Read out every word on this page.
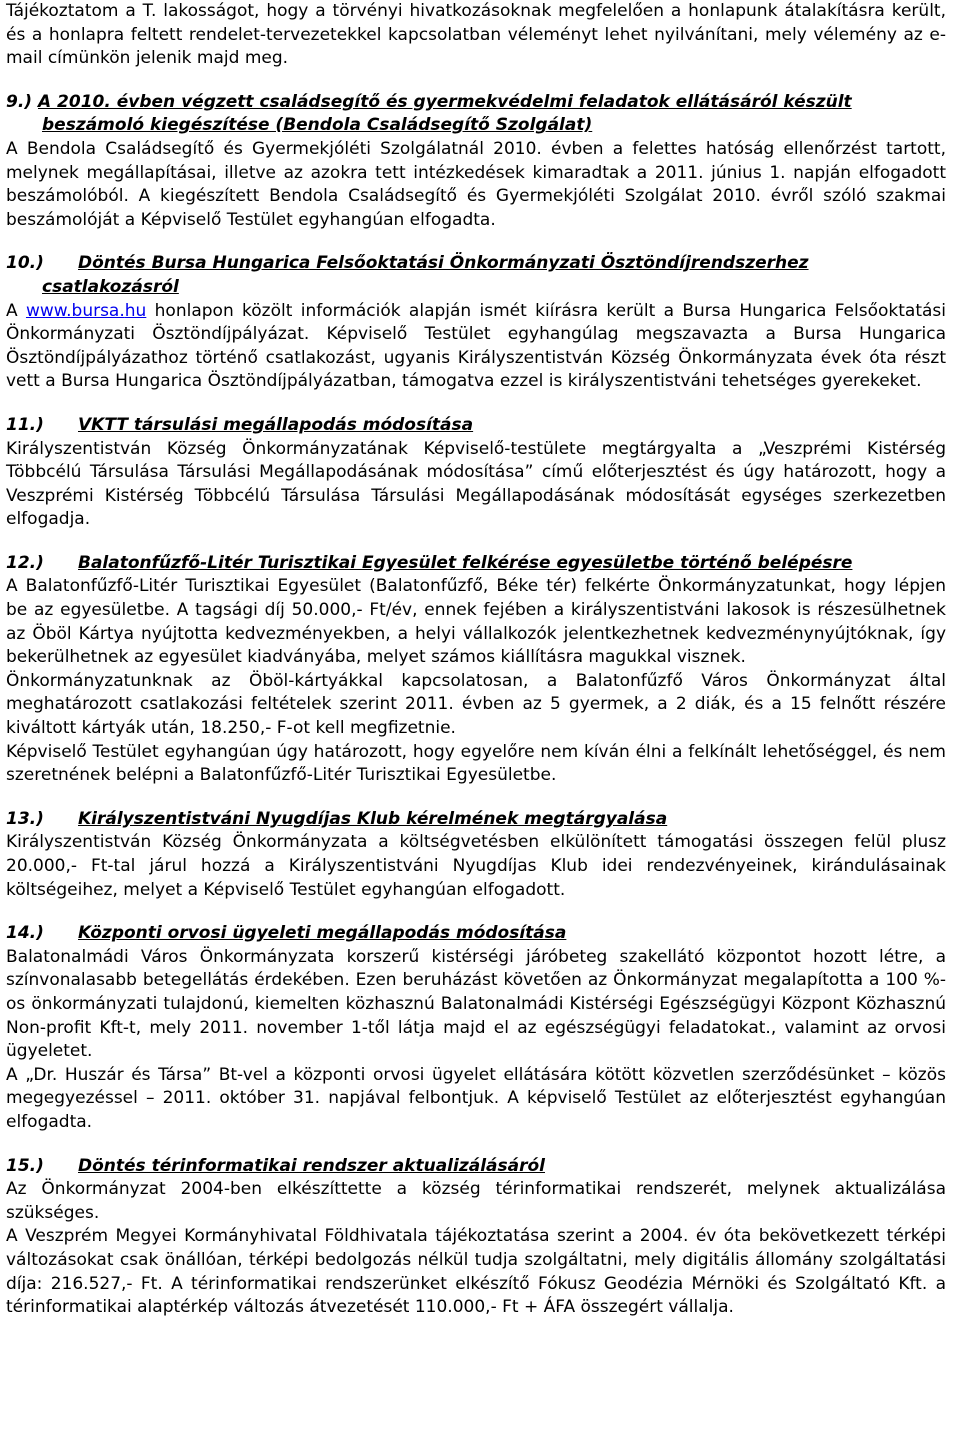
Tájékoztatom a T. lakosságot, hogy a törvényi hivatkozásoknak megfelelően a honlapunk átalakításra került, és a honlapra feltett rendelet-tervezetekkel kapcsolatban véleményt lehet nyilvánítani, mely vélemény az e-mail címünkön jelenik majd meg.

9.) A 2010. évben végzett családsegítő és gyermekvédelmi feladatok ellátásáról készült
beszámoló kiegészítése (Bendola Családsegítő Szolgálat)

A Bendola Családsegítő és Gyermekjóléti Szolgálatnál 2010. évben a felettes hatóság ellenőrzést tartott, melynek megállapításai, illetve az azokra tett intézkedések kimaradtak a 2011. június 1. napján elfogadott beszámolóból. A kiegészített Bendola Családsegítő és Gyermekjóléti Szolgálat 2010. évről szóló szakmai beszámolóját a Képviselő Testület egyhangúan elfogadta.

10.) Döntés Bursa Hungarica Felsőoktatási Önkormányzati Ösztöndíjrendszerhez
csatlakozásról

A www.bursa.hu honlapon közölt információk alapján ismét kiírásra került a Bursa Hungarica Felsőoktatási Önkormányzati Ösztöndíjpályázat. Képviselő Testület egyhangúlag megszavazta a Bursa Hungarica Ösztöndíjpályázathoz történő csatlakozást, ugyanis Királyszentistván Község Önkormányzata évek óta részt vett a Bursa Hungarica Ösztöndíjpályázatban, támogatva ezzel is királyszentistváni tehetséges gyerekeket.

11.) VKTT társulási megállapodás módosítása

Királyszentistván Község Önkormányzatának Képviselő-testülete megtárgyalta a „Veszprémi Kistérség Többcélú Társulása Társulási Megállapodásának módosítása” című előterjesztést és úgy határozott, hogy a Veszprémi Kistérség Többcélú Társulása Társulási Megállapodásának módosítását egységes szerkezetben elfogadja.

12.) Balatonfűzfő-Litér Turisztikai Egyesület felkérése egyesületbe történő belépésre

A Balatonfűzfő-Litér Turisztikai Egyesület (Balatonfűzfő, Béke tér) felkérte Önkormányzatunkat, hogy lépjen be az egyesületbe. A tagsági díj 50.000,- Ft/év, ennek fejében a királyszentistváni lakosok is részesülhetnek az Öböl Kártya nyújtotta kedvezményekben, a helyi vállalkozók jelentkezhetnek kedvezménynyújtóknak, így bekerülhetnek az egyesület kiadványába, melyet számos kiállításra magukkal visznek.

Önkormányzatunknak az Öböl-kártyákkal kapcsolatosan, a Balatonfűzfő Város Önkormányzat által meghatározott csatlakozási feltételek szerint 2011. évben az 5 gyermek, a 2 diák, és a 15 felnőtt részére kiváltott kártyák után, 18.250,- F-ot kell megfizetnie.

Képviselő Testület egyhangúan úgy határozott, hogy egyelőre nem kíván élni a felkínált lehetőséggel, és nem szeretnének belépni a Balatonfűzfő-Litér Turisztikai Egyesületbe.

13.) Királyszentistváni Nyugdíjas Klub kérelmének megtárgyalása

Királyszentistván Község Önkormányzata a költségvetésben elkülönített támogatási összegen felül plusz 20.000,- Ft-tal járul hozzá a Királyszentistváni Nyugdíjas Klub idei rendezvényeinek, kirándulásainak költségeihez, melyet a Képviselő Testület egyhangúan elfogadott.

14.) Központi orvosi ügyeleti megállapodás módosítása

Balatonalmádi Város Önkormányzata korszerű kistérségi járóbeteg szakellátó központot hozott létre, a színvonalasabb betegellátás érdekében. Ezen beruházást követően az Önkormányzat megalapította a 100 %-os önkormányzati tulajdonú, kiemelten közhasznú Balatonalmádi Kistérségi Egészségügyi Központ Közhasznú Non-profit Kft-t, mely 2011. november 1-től látja majd el az egészségügyi feladatokat., valamint az orvosi ügyeletet.

A „Dr. Huszár és Társa” Bt-vel a központi orvosi ügyelet ellátására kötött közvetlen szerződésünket – közös megegyezéssel – 2011. október 31. napjával felbontjuk. A képviselő Testület az előterjesztést egyhangúan elfogadta.

15.) Döntés térinformatikai rendszer aktualizálásáról

Az Önkormányzat 2004-ben elkészíttette a község térinformatikai rendszerét, melynek aktualizálása szükséges.

A Veszprém Megyei Kormányhivatal Földhivatala tájékoztatása szerint a 2004. év óta bekövetkezett térképi változásokat csak önállóan, térképi bedolgozás nélkül tudja szolgáltatni, mely digitális állomány szolgáltatási díja: 216.527,- Ft. A térinformatikai rendszerünket elkészítő Fókusz Geodézia Mérnöki és Szolgáltató Kft. a térinformatikai alaptérkép változás átvezetését 110.000,- Ft + ÁFA összegért vállalja.
